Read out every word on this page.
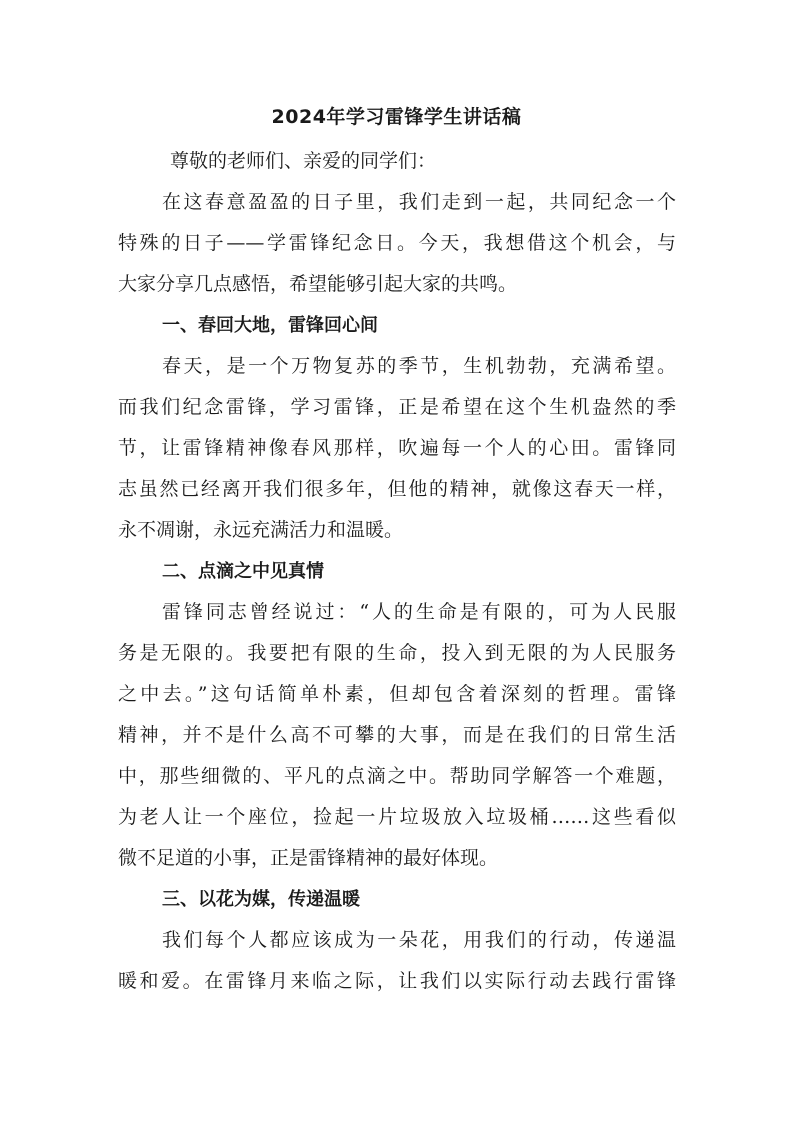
2024年学习雷锋学生讲话稿
尊敬的老师们、亲爱的同学们：
在这春意盈盈的日子里，我们走到一起，共同纪念一个
特殊的日子——学雷锋纪念日。今天，我想借这个机会，与
大家分享几点感悟，希望能够引起大家的共鸣。
一、春回大地，雷锋回心间
春天，是一个万物复苏的季节，生机勃勃，充满希望。
而我们纪念雷锋，学习雷锋，正是希望在这个生机盎然的季
节，让雷锋精神像春风那样，吹遍每一个人的心田。雷锋同
志虽然已经离开我们很多年，但他的精神，就像这春天一样，
永不凋谢，永远充满活力和温暖。
二、点滴之中见真情
雷锋同志曾经说过：“人的生命是有限的，可为人民服
务是无限的。我要把有限的生命，投入到无限的为人民服务
之中去。”这句话简单朴素，但却包含着深刻的哲理。雷锋
精神，并不是什么高不可攀的大事，而是在我们的日常生活
中，那些细微的、平凡的点滴之中。帮助同学解答一个难题，
为老人让一个座位，捡起一片垃圾放入垃圾桶……这些看似
微不足道的小事，正是雷锋精神的最好体现。
三、以花为媒，传递温暖
我们每个人都应该成为一朵花，用我们的行动，传递温
暖和爱。在雷锋月来临之际，让我们以实际行动去践行雷锋
